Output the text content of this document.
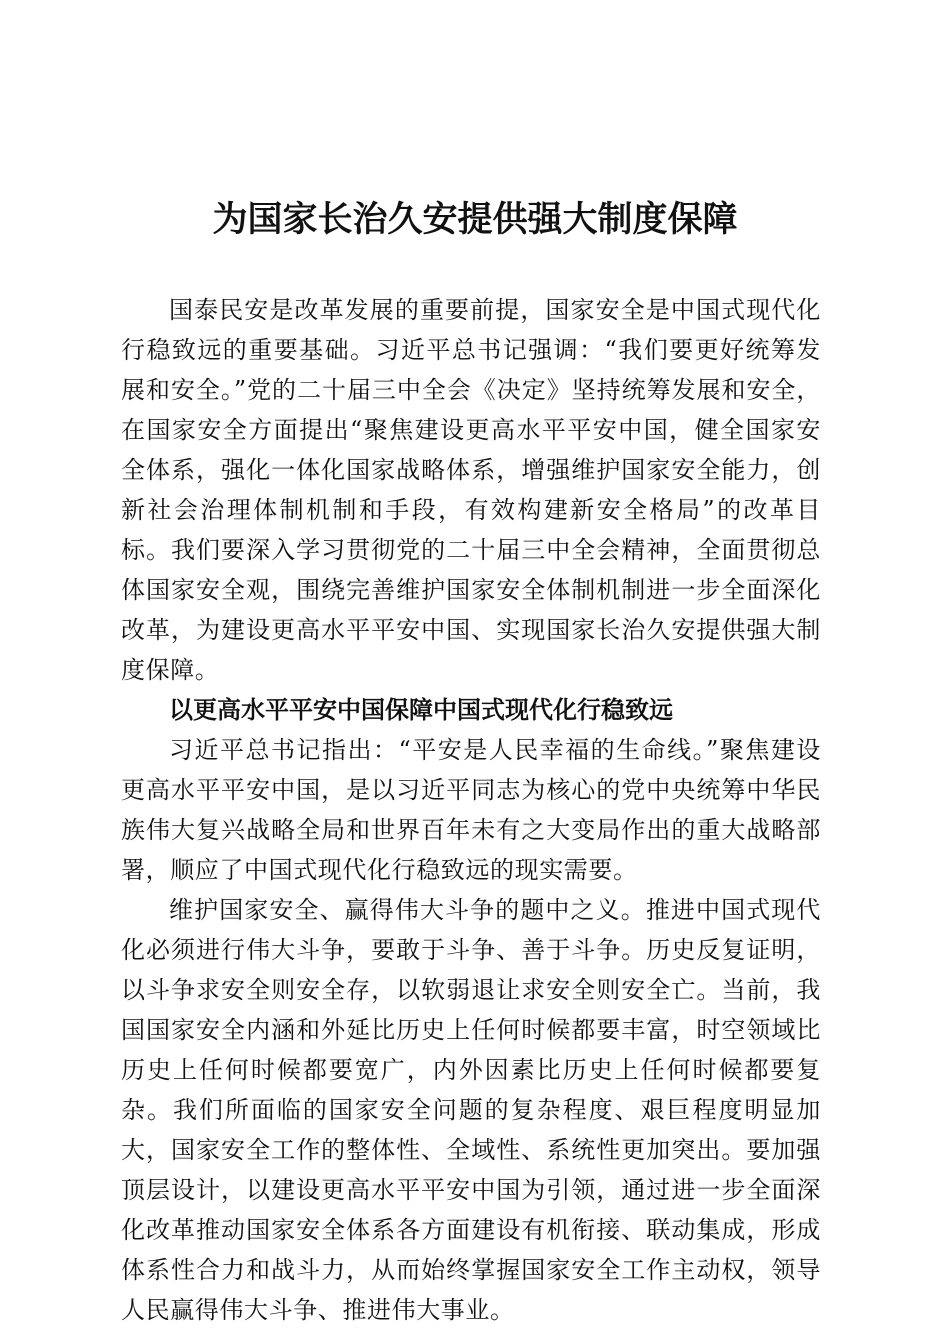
为国家长治久安提供强大制度保障

国泰民安是改革发展的重要前提，国家安全是中国式现代化行稳致远的重要基础。习近平总书记强调：“我们要更好统筹发展和安全。”党的二十届三中全会《决定》坚持统筹发展和安全，在国家安全方面提出“聚焦建设更高水平平安中国，健全国家安全体系，强化一体化国家战略体系，增强维护国家安全能力，创新社会治理体制机制和手段，有效构建新安全格局”的改革目标。我们要深入学习贯彻党的二十届三中全会精神，全面贯彻总体国家安全观，围绕完善维护国家安全体制机制进一步全面深化改革，为建设更高水平平安中国、实现国家长治久安提供强大制度保障。

以更高水平平安中国保障中国式现代化行稳致远

习近平总书记指出：“平安是人民幸福的生命线。”聚焦建设更高水平平安中国，是以习近平同志为核心的党中央统筹中华民族伟大复兴战略全局和世界百年未有之大变局作出的重大战略部署，顺应了中国式现代化行稳致远的现实需要。

维护国家安全、赢得伟大斗争的题中之义。推进中国式现代化必须进行伟大斗争，要敢于斗争、善于斗争。历史反复证明，以斗争求安全则安全存，以软弱退让求安全则安全亡。当前，我国国家安全内涵和外延比历史上任何时候都要丰富，时空领域比历史上任何时候都要宽广，内外因素比历史上任何时候都要复杂。我们所面临的国家安全问题的复杂程度、艰巨程度明显加大，国家安全工作的整体性、全域性、系统性更加突出。要加强顶层设计，以建设更高水平平安中国为引领，通过进一步全面深化改革推动国家安全体系各方面建设有机衔接、联动集成，形成体系性合力和战斗力，从而始终掌握国家安全工作主动权，领导人民赢得伟大斗争、推进伟大事业。
